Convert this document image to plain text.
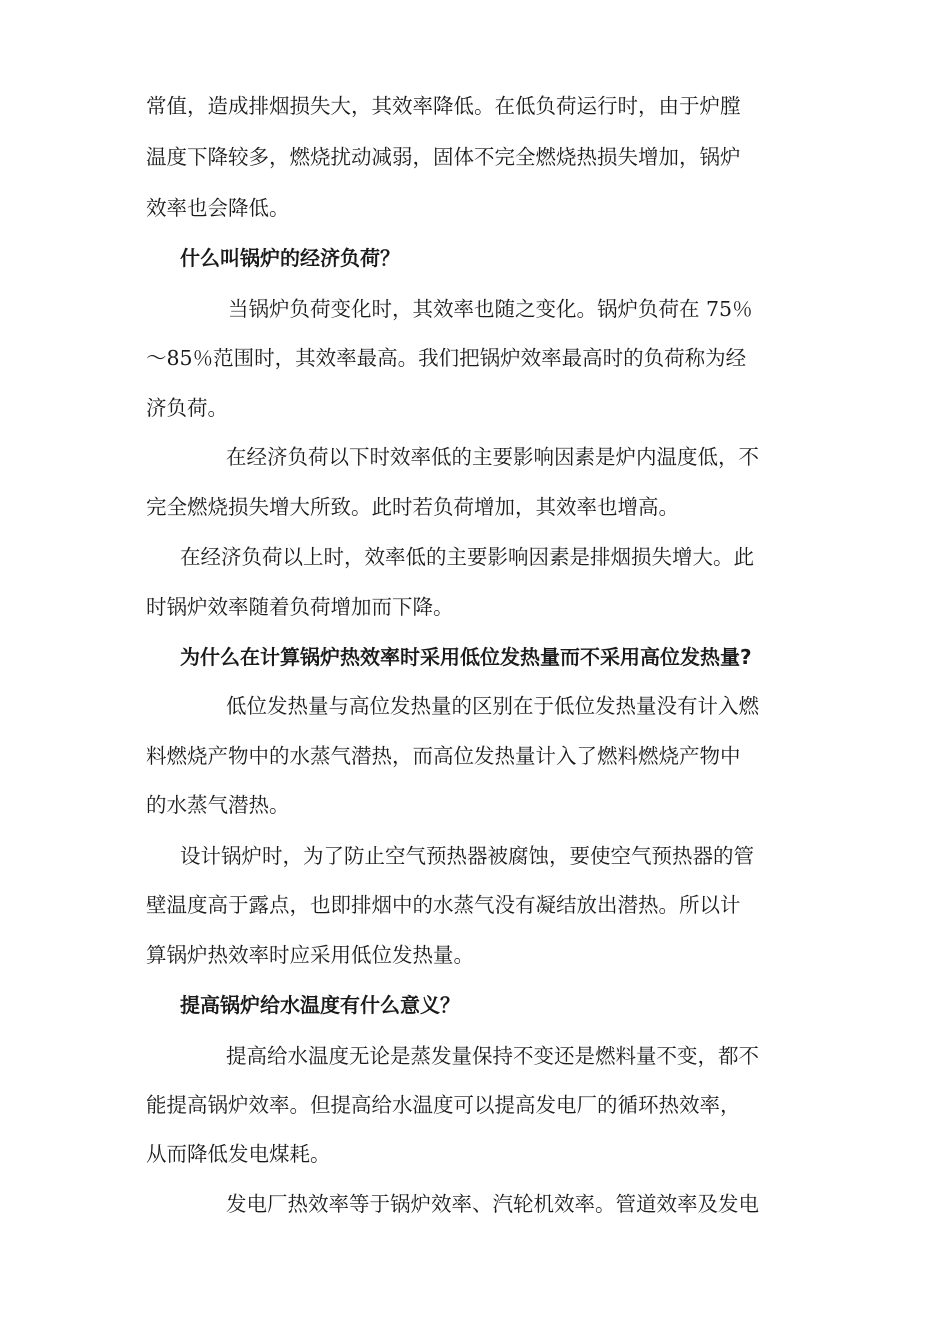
常值，造成排烟损失大，其效率降低。在低负荷运行时，由于炉膛
温度下降较多，燃烧扰动减弱，固体不完全燃烧热损失增加，锅炉
效率也会降低。
什么叫锅炉的经济负荷？
当锅炉负荷变化时，其效率也随之变化。锅炉负荷在 75％
～85％范围时，其效率最高。我们把锅炉效率最高时的负荷称为经
济负荷。
在经济负荷以下时效率低的主要影响因素是炉内温度低，不
完全燃烧损失增大所致。此时若负荷增加，其效率也增高。
在经济负荷以上时，效率低的主要影响因素是排烟损失增大。此
时锅炉效率随着负荷增加而下降。
为什么在计算锅炉热效率时采用低位发热量而不采用高位发热量?
低位发热量与高位发热量的区别在于低位发热量没有计入燃
料燃烧产物中的水蒸气潜热，而高位发热量计入了燃料燃烧产物中
的水蒸气潜热。
设计锅炉时，为了防止空气预热器被腐蚀，要使空气预热器的管
壁温度高于露点，也即排烟中的水蒸气没有凝结放出潜热。所以计
算锅炉热效率时应采用低位发热量。
提高锅炉给水温度有什么意义？
提高给水温度无论是蒸发量保持不变还是燃料量不变，都不
能提高锅炉效率。但提高给水温度可以提高发电厂的循环热效率，
从而降低发电煤耗。
发电厂热效率等于锅炉效率、汽轮机效率。管道效率及发电
